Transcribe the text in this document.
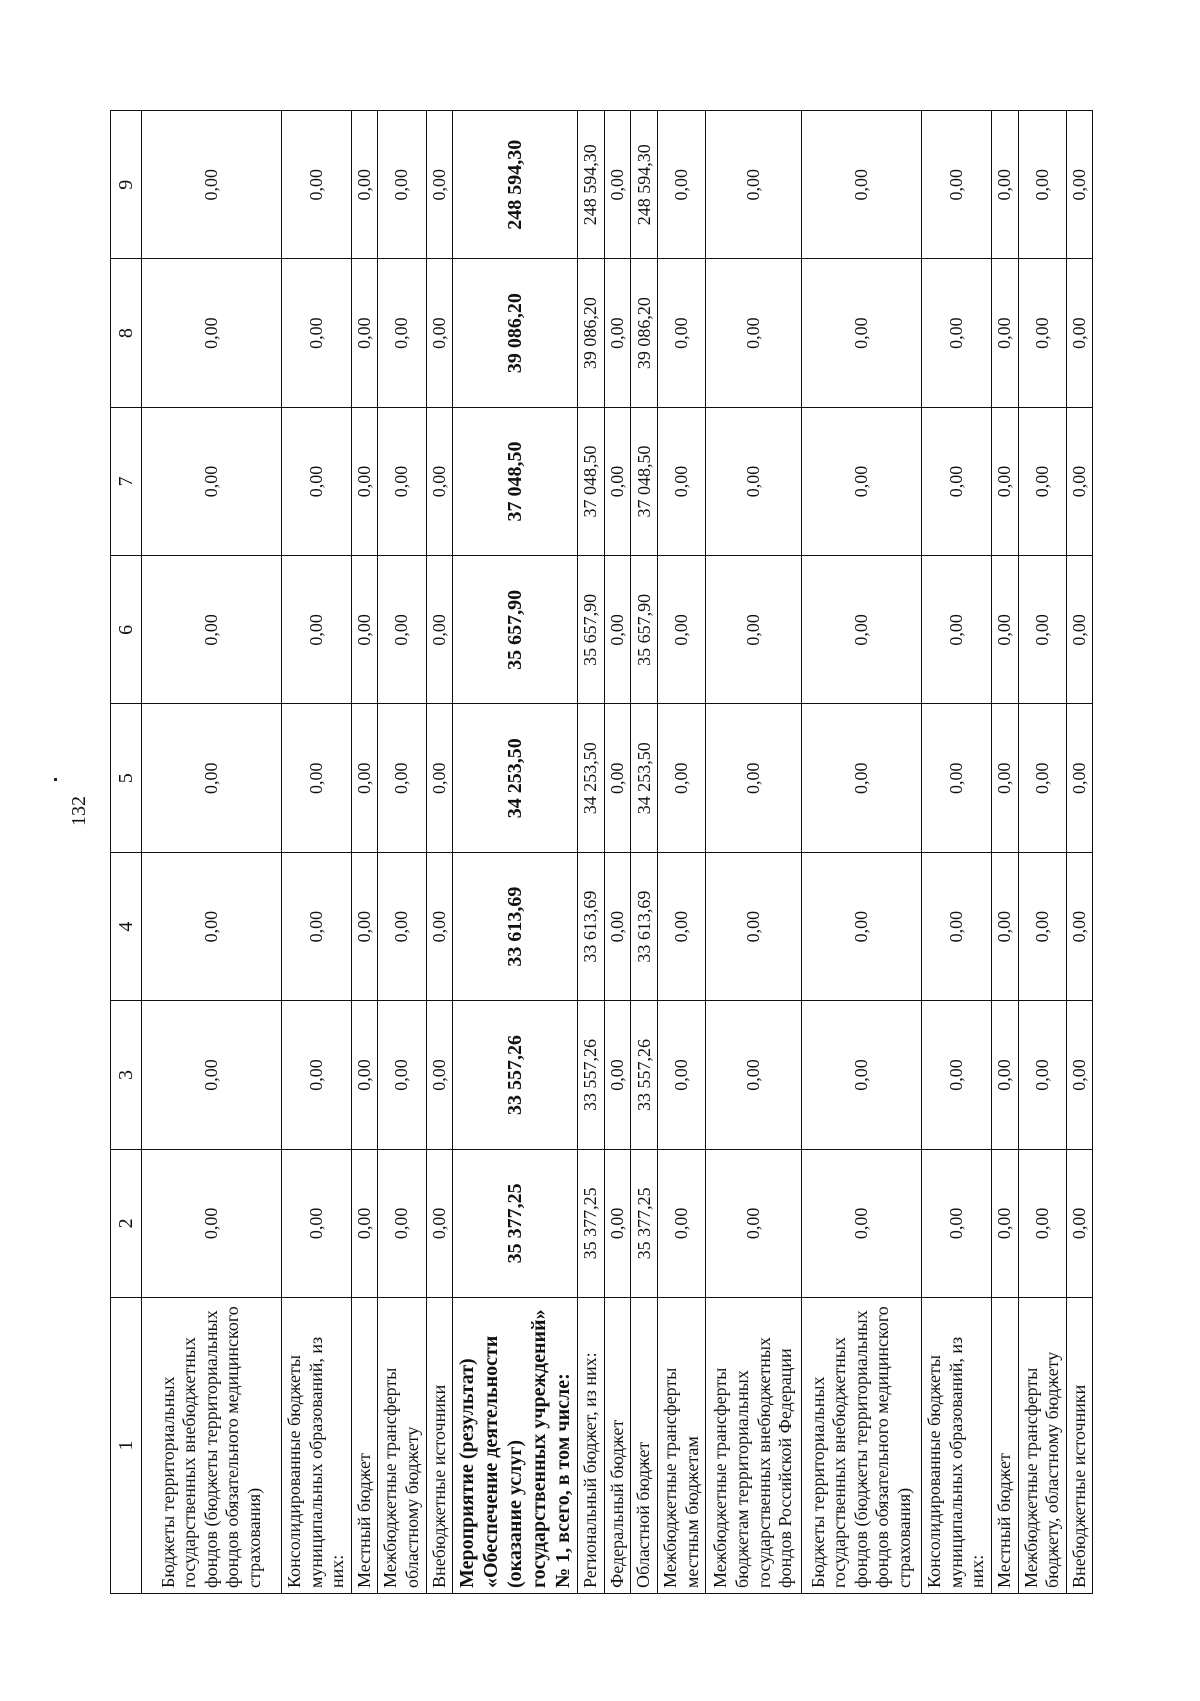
132
1	2	3	4	5	6	7	8	9
Бюджеты территориальных государственных внебюджетных фондов (бюджеты территориальных фондов обязательного медицинского страхования)	0,00	0,00	0,00	0,00	0,00	0,00	0,00	0,00
Консолидированные бюджеты муниципальных образований, из них:	0,00	0,00	0,00	0,00	0,00	0,00	0,00	0,00
Местный бюджет	0,00	0,00	0,00	0,00	0,00	0,00	0,00	0,00
Межбюджетные трансферты областному бюджету	0,00	0,00	0,00	0,00	0,00	0,00	0,00	0,00
Внебюджетные источники	0,00	0,00	0,00	0,00	0,00	0,00	0,00	0,00
Мероприятие (результат) «Обеспечение деятельности (оказание услуг) государственных учреждений» № 1, всего, в том числе:	35 377,25	33 557,26	33 613,69	34 253,50	35 657,90	37 048,50	39 086,20	248 594,30
Региональный бюджет, из них:	35 377,25	33 557,26	33 613,69	34 253,50	35 657,90	37 048,50	39 086,20	248 594,30
Федеральный бюджет	0,00	0,00	0,00	0,00	0,00	0,00	0,00	0,00
Областной бюджет	35 377,25	33 557,26	33 613,69	34 253,50	35 657,90	37 048,50	39 086,20	248 594,30
Межбюджетные трансферты местным бюджетам	0,00	0,00	0,00	0,00	0,00	0,00	0,00	0,00
Межбюджетные трансферты бюджетам территориальных государственных внебюджетных фондов Российской Федерации	0,00	0,00	0,00	0,00	0,00	0,00	0,00	0,00
Бюджеты территориальных государственных внебюджетных фондов (бюджеты территориальных фондов обязательного медицинского страхования)	0,00	0,00	0,00	0,00	0,00	0,00	0,00	0,00
Консолидированные бюджеты муниципальных образований, из них:	0,00	0,00	0,00	0,00	0,00	0,00	0,00	0,00
Местный бюджет	0,00	0,00	0,00	0,00	0,00	0,00	0,00	0,00
Межбюджетные трансферты бюджету, областному бюджету	0,00	0,00	0,00	0,00	0,00	0,00	0,00	0,00
Внебюджетные источники	0,00	0,00	0,00	0,00	0,00	0,00	0,00	0,00
